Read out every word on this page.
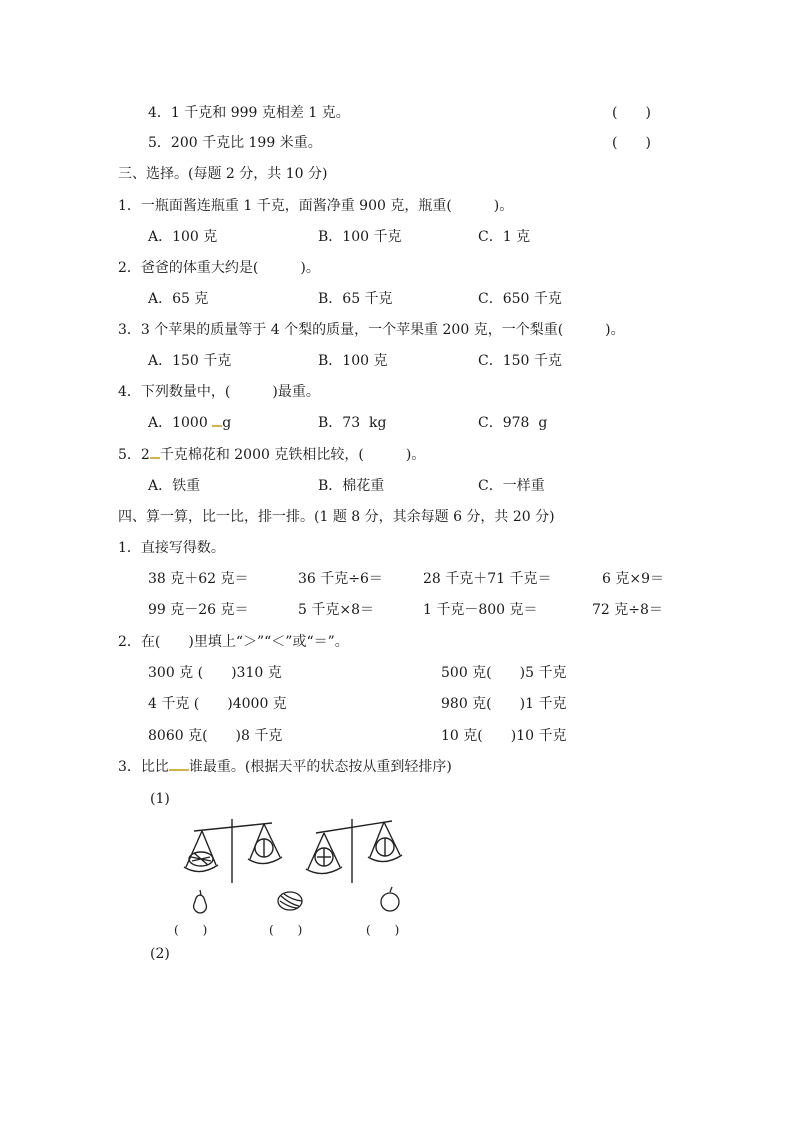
4．1 千克和 999 克相差 1 克。	(　　)
5．200 千克比 199 米重。	(　　)
三、选择。(每题 2 分，共 10 分)
1．一瓶面酱连瓶重 1 千克，面酱净重 900 克，瓶重(　　　)。
A．100 克	B．100 千克	C．1 克
2．爸爸的体重大约是(　　　)。
A．65 克	B．65 千克	C．650 千克
3．3 个苹果的质量等于 4 个梨的质量，一个苹果重 200 克，一个梨重(　　　)。
A．150 千克	B．100 克	C．150 千克
4．下列数量中，(　　　)最重。
A．1000 g	B．73  kg	C．978  g
5．2 千克棉花和 2000 克铁相比较，(　　　)。
A．铁重	B．棉花重	C．一样重
四、算一算，比一比，排一排。(1 题 8 分，其余每题 6 分，共 20 分)
1．直接写得数。
38 克＋62 克＝	36 千克÷6＝	28 千克＋71 千克＝	6 克×9＝
99 克－26 克＝	5 千克×8＝	1 千克－800 克＝	72 克÷8＝
2．在(　　)里填上“＞”“＜”或“＝”。
300 克 (　　)310 克	500 克(　　)5 千克
4 千克 (　　)4000 克	980 克(　　)1 千克
8060 克(　　)8 千克	10 克(　　)10 千克
3．比比 谁最重。(根据天平的状态按从重到轻排序)
(1)
(　　)	(　　)	(　　)
(2)
